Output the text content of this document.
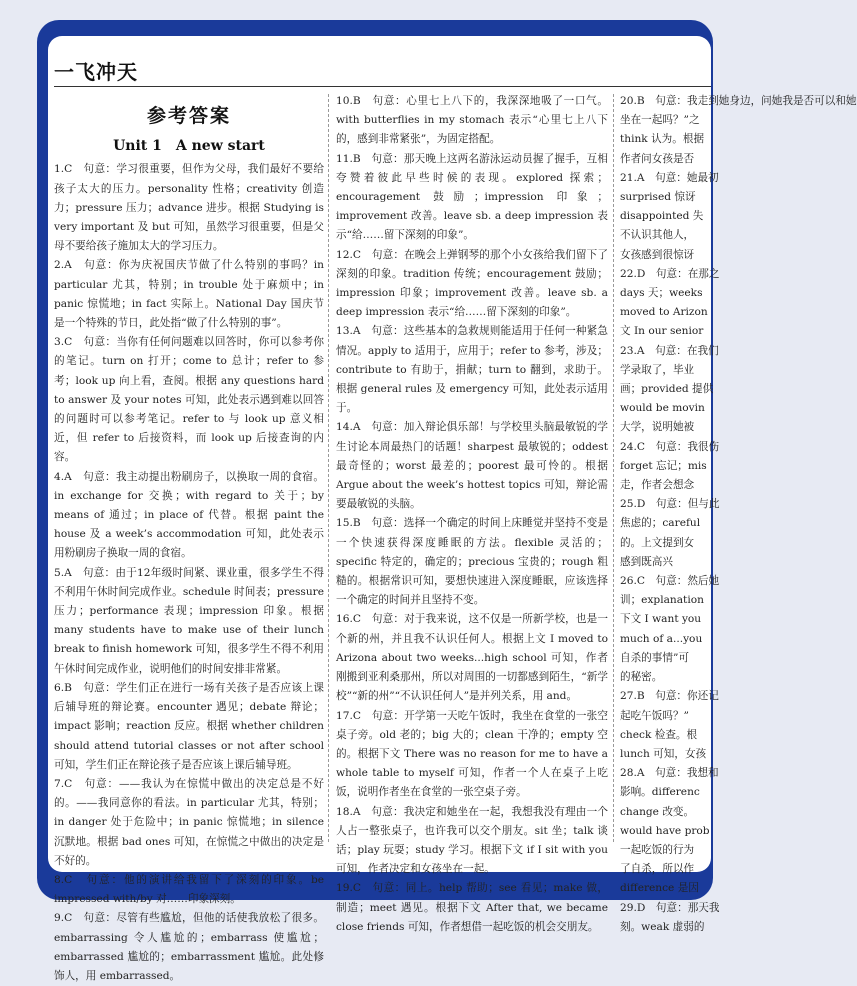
一飞冲天
参考答案
Unit 1　A new start

1.C　句意：学习很重要，但作为父母，我们最好不要给孩子太大的压力。personality 性格；creativity 创造力；pressure 压力；advance 进步。根据 Studying is very important 及 but 可知，虽然学习很重要，但是父母不要给孩子施加太大的学习压力。

2.A　句意：你为庆祝国庆节做了什么特别的事吗？in particular 尤其，特别；in trouble 处于麻烦中；in panic 惊慌地；in fact 实际上。National Day 国庆节是一个特殊的节日，此处指“做了什么特别的事”。

3.C　句意：当你有任何问题难以回答时，你可以参考你的笔记。turn on 打开；come to 总计；refer to 参考；look up 向上看，查阅。根据 any questions hard to answer 及 your notes 可知，此处表示遇到难以回答的问题时可以参考笔记。refer to 与 look up 意义相近，但 refer to 后接资料，而 look up 后接查询的内容。

4.A　句意：我主动提出粉刷房子，以换取一周的食宿。in exchange for 交换；with regard to 关于；by means of 通过；in place of 代替。根据 paint the house 及 a week’s accommodation 可知，此处表示用粉刷房子换取一周的食宿。

5.A　句意：由于12年级时间紧、课业重，很多学生不得不利用午休时间完成作业。schedule 时间表；pressure 压力；performance 表现；impression 印象。根据 many students have to make use of their lunch break to finish homework 可知，很多学生不得不利用午休时间完成作业，说明他们的时间安排非常紧。

6.B　句意：学生们正在进行一场有关孩子是否应该上课后辅导班的辩论赛。encounter 遇见；debate 辩论；impact 影响；reaction 反应。根据 whether children should attend tutorial classes or not after school 可知，学生们正在辩论孩子是否应该上课后辅导班。

7.C　句意：——我认为在惊慌中做出的决定总是不好的。——我同意你的看法。in particular 尤其，特别；in danger 处于危险中；in panic 惊慌地；in silence 沉默地。根据 bad ones 可知，在惊慌之中做出的决定是不好的。

8.C　句意：他的演讲给我留下了深刻的印象。be impressed with/by 对……印象深刻。

9.C　句意：尽管有些尴尬，但他的话使我放松了很多。embarrassing 令人尴尬的；embarrass 使尴尬；embarrassed 尴尬的；embarrassment 尴尬。此处修饰人，用 embarrassed。

10.B　句意：心里七上八下的，我深深地吸了一口气。with butterflies in my stomach 表示“心里七上八下的，感到非常紧张”，为固定搭配。

11.B　句意：那天晚上这两名游泳运动员握了握手，互相夸赞着彼此早些时候的表现。explored 探索；encouragement 鼓励；impression 印象；improvement 改善。leave sb. a deep impression 表示“给……留下深刻的印象”。

12.C　句意：在晚会上弹钢琴的那个小女孩给我们留下了深刻的印象。tradition 传统；encouragement 鼓励；impression 印象；improvement 改善。leave sb. a deep impression 表示“给……留下深刻的印象”。

13.A　句意：这些基本的急救规则能适用于任何一种紧急情况。apply to 适用于，应用于；refer to 参考，涉及；contribute to 有助于，捐献；turn to 翻到，求助于。根据 general rules 及 emergency 可知，此处表示适用于。

14.A　句意：加入辩论俱乐部！与学校里头脑最敏锐的学生讨论本周最热门的话题！sharpest 最敏锐的；oddest 最奇怪的；worst 最差的；poorest 最可怜的。根据 Argue about the week’s hottest topics 可知，辩论需要最敏锐的头脑。

15.B　句意：选择一个确定的时间上床睡觉并坚持不变是一个快速获得深度睡眠的方法。flexible 灵活的；specific 特定的，确定的；precious 宝贵的；rough 粗糙的。根据常识可知，要想快速进入深度睡眠，应该选择一个确定的时间并且坚持不变。

16.C　句意：对于我来说，这不仅是一所新学校，也是一个新的州，并且我不认识任何人。根据上文 I moved to Arizona about two weeks...high school 可知，作者刚搬到亚利桑那州，所以对周围的一切都感到陌生，“新学校”“新的州”“不认识任何人”是并列关系，用 and。

17.C　句意：开学第一天吃午饭时，我坐在食堂的一张空桌子旁。old 老的；big 大的；clean 干净的；empty 空的。根据下文 There was no reason for me to have a whole table to myself 可知，作者一个人在桌子上吃饭，说明作者坐在食堂的一张空桌子旁。

18.A　句意：我决定和她坐在一起，我想我没有理由一个人占一整张桌子，也许我可以交个朋友。sit 坐；talk 谈话；play 玩耍；study 学习。根据下文 if I sit with you 可知，作者决定和女孩坐在一起。

19.C　句意：同上。help 帮助；see 看见；make 做，制造；meet 遇见。根据下文 After that, we became close friends 可知，作者想借一起吃饭的机会交朋友。

20.B　句意：我走到她身边，问她我是否可以和她

坐在一起吗？”之

think 认为。根据

作者问女孩是否

21.A　句意：她最初

surprised 惊讶

disappointed 失

不认识其他人，

女孩感到很惊讶

22.D　句意：在那之

days 天；weeks

moved to Arizon

文 In our senior

23.A　句意：在我们

学录取了，毕业

画；provided 提供

would be movin

大学，说明她被

24.C　句意：我很伤

forget 忘记；mis

走，作者会想念

25.D　句意：但与此

焦虑的；careful

的。上文提到女

感到既高兴

26.C　句意：然后她

训；explanation

下文 I want you

much of a...you

自杀的事情”可

的秘密。

27.B　句意：你还记

起吃午饭吗？”

check 检查。根

lunch 可知，女孩

28.A　句意：我想和

影响。differenc

change 改变。

would have prob

一起吃饭的行为

了自杀，所以作

difference 是因

29.D　句意：那天我

刻。weak 虚弱的
